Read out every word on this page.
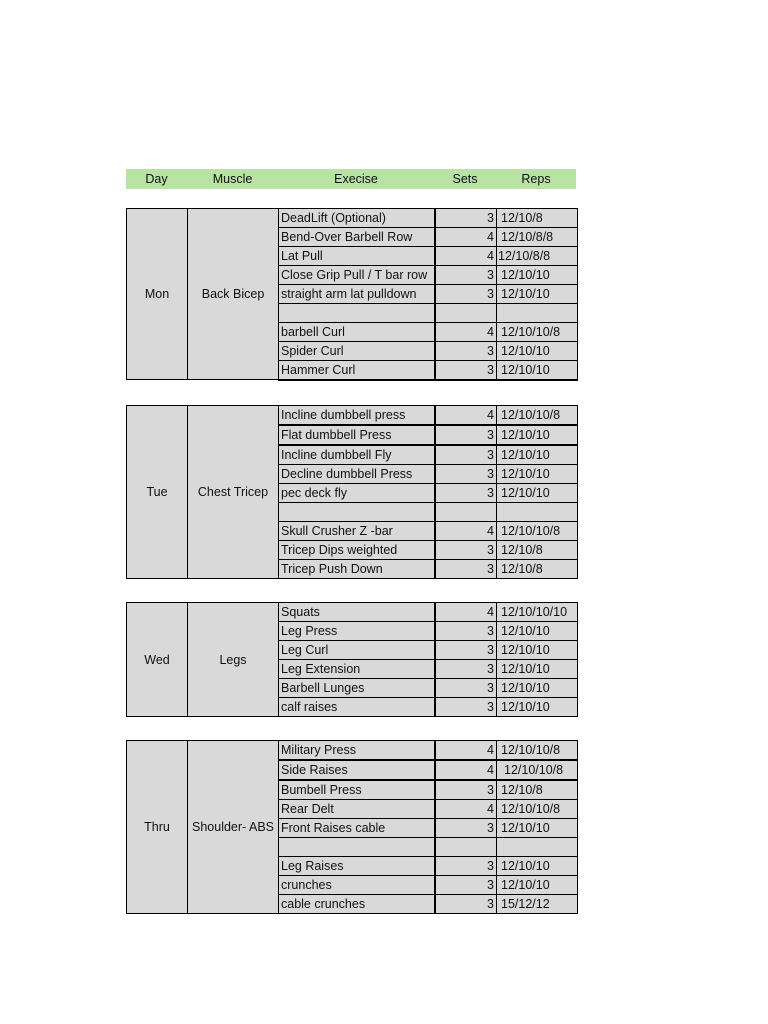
Day	Muscle	Execise	Sets	Reps
Mon	Back Bicep	DeadLift (Optional)	3	12/10/8
		Bend-Over Barbell Row	4	12/10/8/8
		Lat Pull	4	12/10/8/8
		Close Grip Pull / T bar row	3	12/10/10
		straight arm lat pulldown	3	12/10/10

		barbell Curl	4	12/10/10/8
		Spider Curl	3	12/10/10
		Hammer Curl	3	12/10/10
Tue	Chest Tricep	Incline dumbbell press	4	12/10/10/8
		Flat dumbbell Press	3	12/10/10
		Incline dumbbell Fly	3	12/10/10
		Decline dumbbell Press	3	12/10/10
		pec deck fly	3	12/10/10

		Skull Crusher Z -bar	4	12/10/10/8
		Tricep Dips weighted	3	12/10/8
		Tricep Push Down	3	12/10/8
Wed	Legs	Squats	4	12/10/10/10
		Leg Press	3	12/10/10
		Leg Curl	3	12/10/10
		Leg Extension	3	12/10/10
		Barbell Lunges	3	12/10/10
		calf raises	3	12/10/10
Thru	Shoulder- ABS	Military Press	4	12/10/10/8
		Side Raises	4	12/10/10/8
		Bumbell Press	3	12/10/8
		Rear Delt	4	12/10/10/8
		Front Raises cable	3	12/10/10

		Leg Raises	3	12/10/10
		crunches	3	12/10/10
		cable crunches	3	15/12/12
